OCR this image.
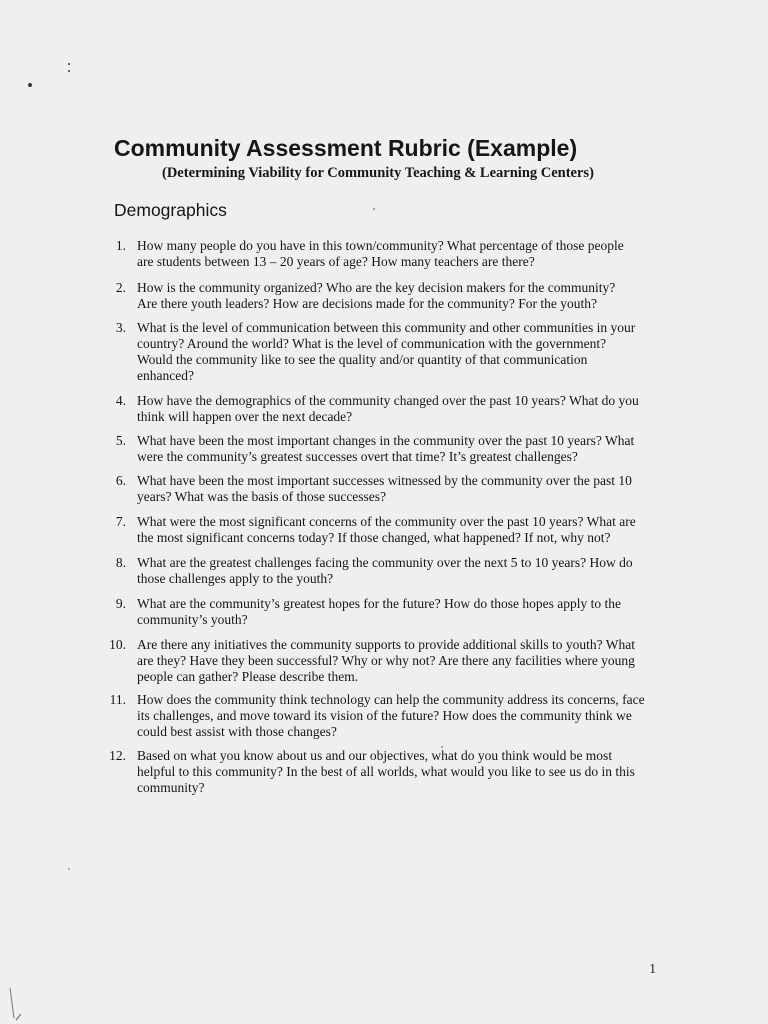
Community Assessment Rubric (Example)

(Determining Viability for Community Teaching & Learning Centers)

Demographics
1. How many people do you have in this town/community? What percentage of those people
are students between 13 – 20 years of age? How many teachers are there?

2. How is the community organized? Who are the key decision makers for the community?
Are there youth leaders? How are decisions made for the community? For the youth?

3. What is the level of communication between this community and other communities in your
country? Around the world? What is the level of communication with the government?
Would the community like to see the quality and/or quantity of that communication
enhanced?

4. How have the demographics of the community changed over the past 10 years? What do you
think will happen over the next decade?

5. What have been the most important changes in the community over the past 10 years? What
were the community’s greatest successes overt that time? It’s greatest challenges?

6. What have been the most important successes witnessed by the community over the past 10
years? What was the basis of those successes?

7. What were the most significant concerns of the community over the past 10 years? What are
the most significant concerns today? If those changed, what happened? If not, why not?

8. What are the greatest challenges facing the community over the next 5 to 10 years? How do
those challenges apply to the youth?

9. What are the community’s greatest hopes for the future? How do those hopes apply to the
community’s youth?

10. Are there any initiatives the community supports to provide additional skills to youth? What
are they? Have they been successful? Why or why not? Are there any facilities where young
people can gather? Please describe them.

11. How does the community think technology can help the community address its concerns, face
its challenges, and move toward its vision of the future? How does the community think we
could best assist with those changes?

12. Based on what you know about us and our objectives, what do you think would be most
helpful to this community? In the best of all worlds, what would you like to see us do in this
community?

1
